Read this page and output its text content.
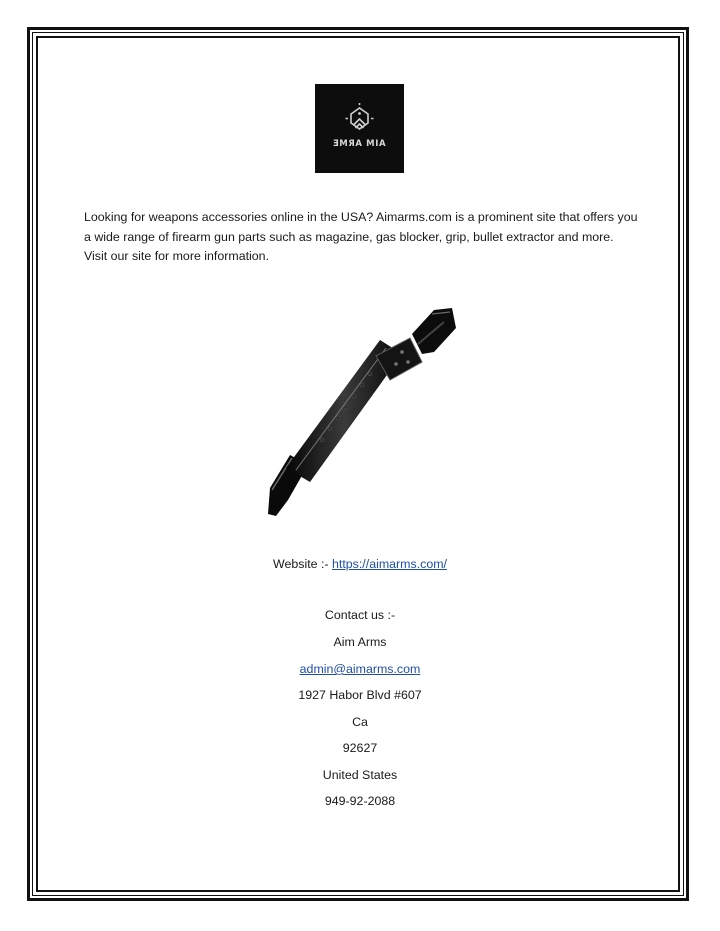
ƎMЯA MIA

Looking for weapons accessories online in the USA? Aimarms.com is a prominent site that offers you a wide range of firearm gun parts such as magazine, gas blocker, grip, bullet extractor and more. Visit our site for more information.

Website :- https://aimarms.com/

Contact us :-

Aim Arms

admin@aimarms.com

1927 Habor Blvd #607

Ca

92627

United States

949-92-2088
